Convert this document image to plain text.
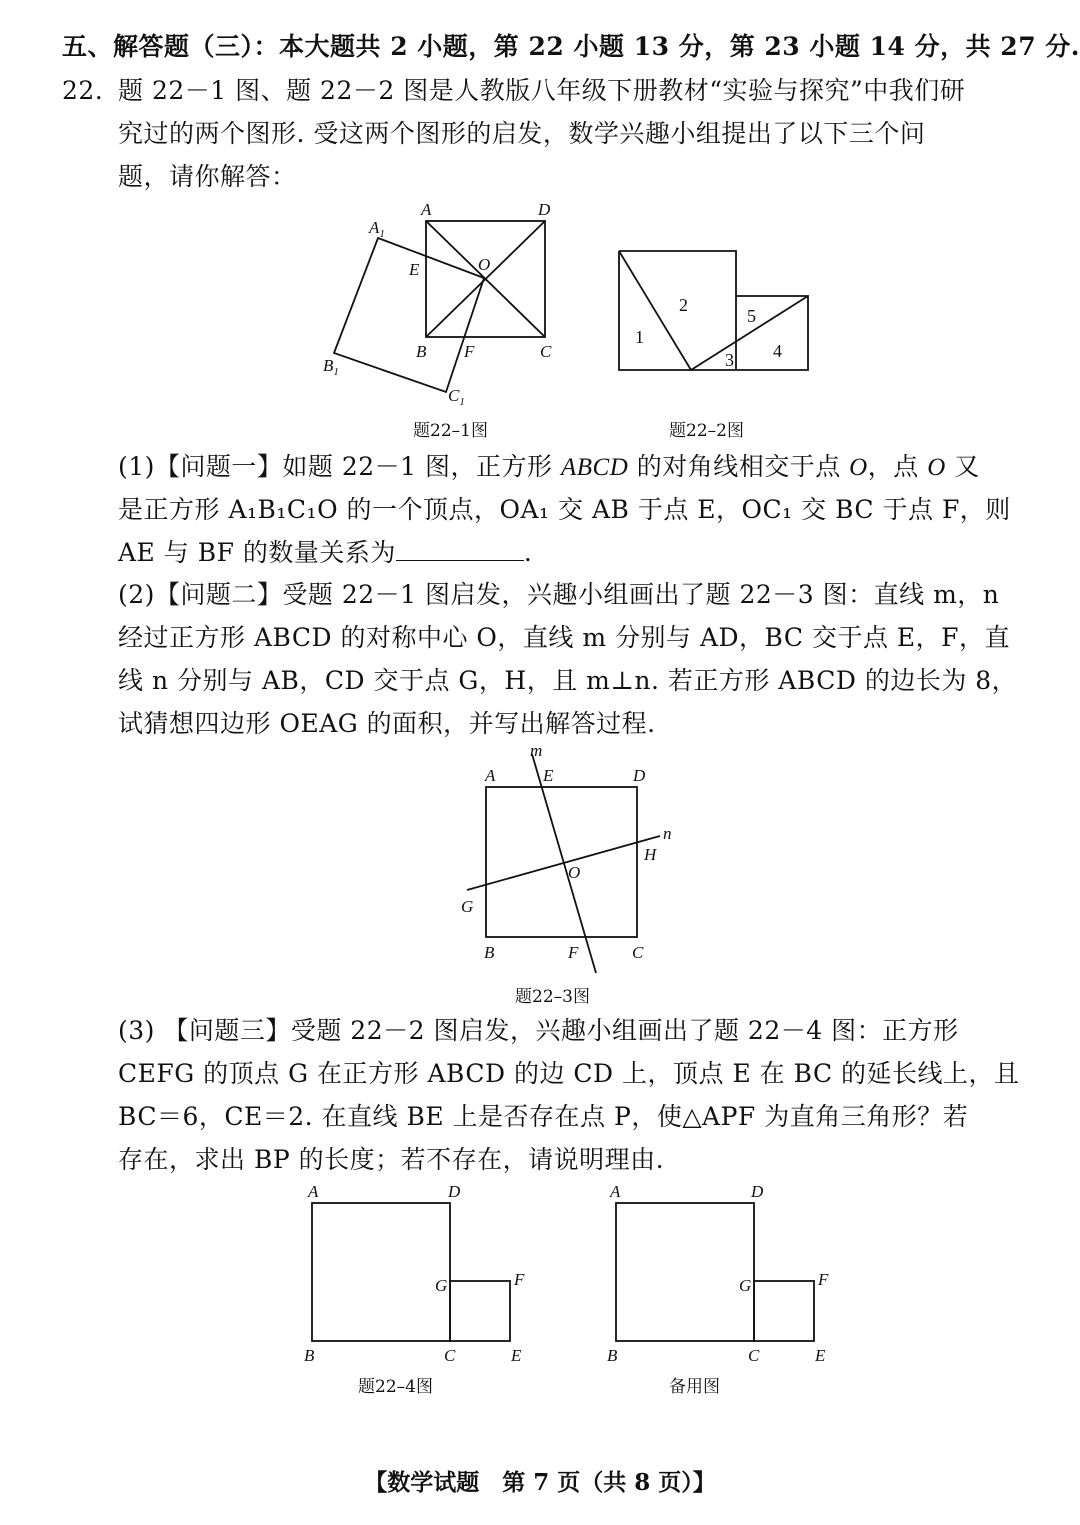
五、解答题（三）：本大题共 2 小题，第 22 小题 13 分，第 23 小题 14 分，共 27 分.
22. 题 22－1 图、题 22－2 图是人教版八年级下册教材“实验与探究”中我们研
究过的两个图形. 受这两个图形的启发，数学兴趣小组提出了以下三个问
题，请你解答：
A	D
B	C
O
E
F
$A_1$
$B_1$
$C_1$
1
2
3 4
5
题22–1图	题22–2图
(1)【问题一】如题 22－1 图，正方形 ABCD 的对角线相交于点 O，点 O 又
是正方形 A₁B₁C₁O 的一个顶点，OA₁ 交 AB 于点 E，OC₁ 交 BC 于点 F，则
AE 与 BF 的数量关系为	.
(2)【问题二】受题 22－1 图启发，兴趣小组画出了题 22－3 图：直线 m，n
经过正方形 ABCD 的对称中心 O，直线 m 分别与 AD，BC 交于点 E，F，直
线 n 分别与 AB，CD 交于点 G，H，且 m⊥n. 若正方形 ABCD 的边长为 8，
试猜想四边形 OEAG 的面积，并写出解答过程.
m
n
A	E	D
H
O
G
B	F	C
题22–3图
(3) 【问题三】受题 22－2 图启发，兴趣小组画出了题 22－4 图：正方形
CEFG 的顶点 G 在正方形 ABCD 的边 CD 上，顶点 E 在 BC 的延长线上，且
BC＝6，CE＝2. 在直线 BE 上是否存在点 P，使△APF 为直角三角形？若
存在，求出 BP 的长度；若不存在，请说明理由.
A	D
G	F
B	C	E
A	D
G	F
B	C	E
题22–4图	备用图
【数学试题　第 7 页（共 8 页）】
